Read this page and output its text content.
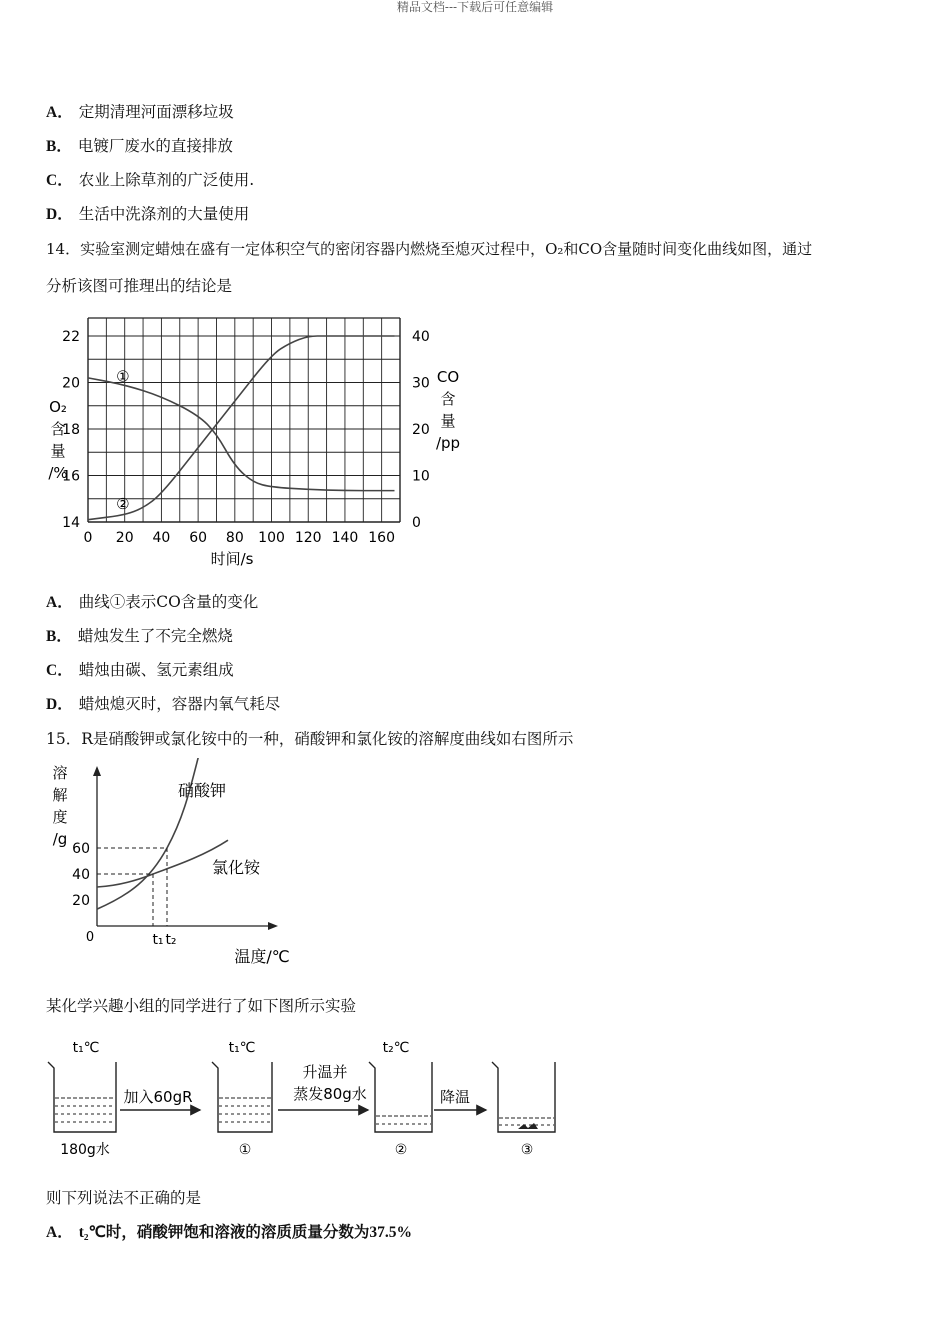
精品文档---下载后可任意编辑
A． 定期清理河面漂移垃圾
B． 电镀厂废水的直接排放
C． 农业上除草剂的广泛使用.
D． 生活中洗涤剂的大量使用
14．实验室测定蜡烛在盛有一定体积空气的密闭容器内燃烧至熄灭过程中，O₂和CO含量随时间变化曲线如图，通过
分析该图可推理出的结论是
0 20 40 60 80 100 120 140 160
14
16
18
20
22
0
10
20
30
40
时间/s
O₂
含
量
/%
CO
含
量
/pp
①
②
A． 曲线①表示CO含量的变化
B． 蜡烛发生了不完全燃烧
C． 蜡烛由碳、氢元素组成
D． 蜡烛熄灭时，容器内氧气耗尽
15．R是硝酸钾或氯化铵中的一种，硝酸钾和氯化铵的溶解度曲线如右图所示
溶
解
度
/g
0
20
40
60
t₁ t₂
温度/℃
硝酸钾
氯化铵
某化学兴趣小组的同学进行了如下图所示实验
t₁℃
180g水
加入60gR
t₁℃
①
升温并
蒸发80g水
t₂℃
②
降温
③
则下列说法不正确的是
A． t₂℃时，硝酸钾饱和溶液的溶质质量分数为37.5%
